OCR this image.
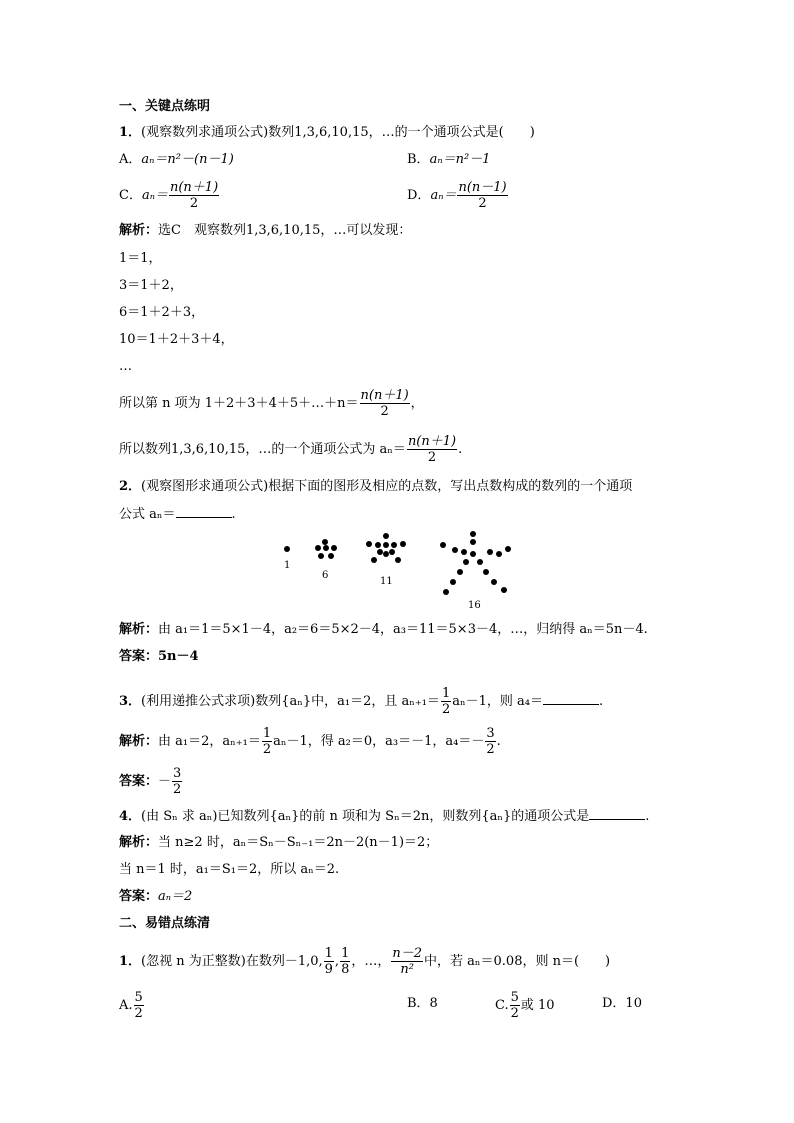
一、关键点练明
1．(观察数列求通项公式)数列1,3,6,10,15，…的一个通项公式是(　　)
A．aₙ＝n²－(n－1)	B．aₙ＝n²－1
C．$a_n= \frac{n(n+1)}{2}$	D．$a_n= \frac{n(n-1)}{2}$
解析：选C　观察数列1,3,6,10,15，…可以发现：
1＝1，
3＝1＋2，
6＝1＋2＋3，
10＝1＋2＋3＋4，
…
所以第 n 项为 1＋2＋3＋4＋5＋…＋n＝ $\frac{n(n+1)}{2}$ ，
所以数列1,3,6,10,15，…的一个通项公式为 $a_n= \frac{n(n+1)}{2}$ .
2．(观察图形求通项公式)根据下面的图形及相应的点数，写出点数构成的数列的一个通项
公式 aₙ＝	.
1
6
11
16
解析：由 a₁＝1＝5×1－4，a₂＝6＝5×2－4，a₃＝11＝5×3－4，…，归纳得 aₙ＝5n－4.
答案：5n－4
3．(利用递推公式求项)数列{aₙ}中，a₁＝2，且 $a_{n+1}= \frac{1}{2} a_n-1$，则 a₄＝	.
解析：由 a₁＝2，$a_{n+1}= \frac{1}{2} a_n-1$，得 a₂＝0，a₃＝－1，$a_4=- \frac{3}{2}$ .
答案：－ $\frac{3}{2}$
4．(由 Sₙ 求 aₙ)已知数列{aₙ}的前 n 项和为 Sₙ＝2n，则数列{aₙ}的通项公式是	.
解析：当 n≥2 时，aₙ＝Sₙ－Sₙ₋₁＝2n－2(n－1)＝2；
当 n＝1 时，a₁＝S₁＝2，所以 aₙ＝2.
答案：aₙ＝2
二、易错点练清
1．(忽视 n 为正整数)在数列－1,0, $\frac{1}{9}$ , $\frac{1}{8}$ ，…， $\frac{n-2}{\text{n²}}$ 中，若 aₙ＝0.08，则 n＝(　　)
A. $\frac{5}{2}$	B．8	C. $\frac{5}{2}$ 或 10	D．10
